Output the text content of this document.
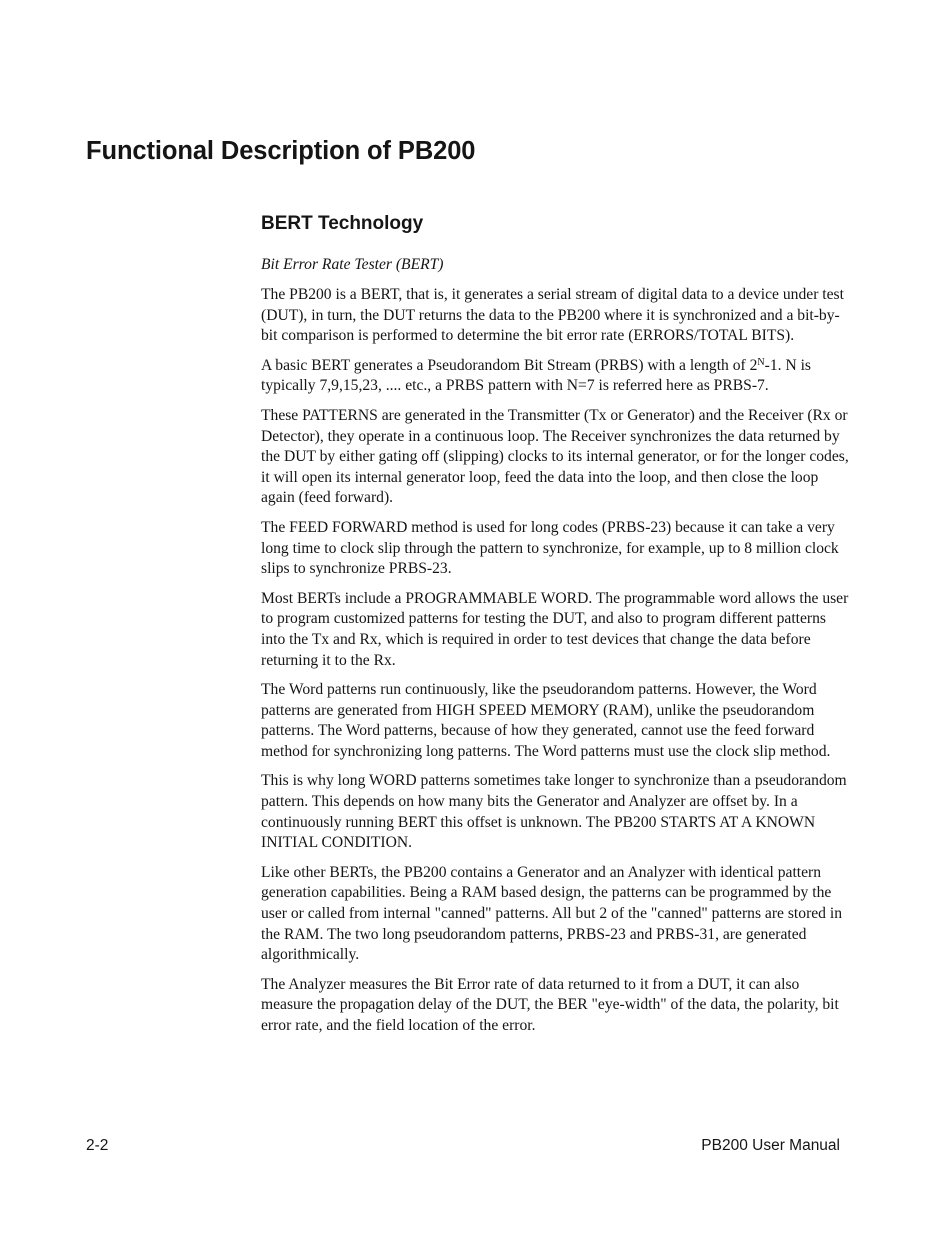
Functional Description of PB200
BERT Technology

Bit Error Rate Tester (BERT)

The PB200 is a BERT, that is, it generates a serial stream of digital data to a device under test (DUT), in turn, the DUT returns the data to the PB200 where it is synchronized and a bit-by-bit comparison is performed to determine the bit error rate (ERRORS/TOTAL BITS).

A basic BERT generates a Pseudorandom Bit Stream (PRBS) with a length of $2^N-1$. N is typically 7,9,15,23, .... etc., a PRBS pattern with N=7 is referred here as PRBS-7.

These PATTERNS are generated in the Transmitter (Tx or Generator) and the Receiver (Rx or Detector), they operate in a continuous loop. The Receiver synchronizes the data returned by the DUT by either gating off (slipping) clocks to its internal generator, or for the longer codes, it will open its internal generator loop, feed the data into the loop, and then close the loop again (feed forward).

The FEED FORWARD method is used for long codes (PRBS-23) because it can take a very long time to clock slip through the pattern to synchronize, for example, up to 8 million clock slips to synchronize PRBS-23.

Most BERTs include a PROGRAMMABLE WORD. The programmable word allows the user to program customized patterns for testing the DUT, and also to program different patterns into the Tx and Rx, which is required in order to test devices that change the data before returning it to the Rx.

The Word patterns run continuously, like the pseudorandom patterns. However, the Word patterns are generated from HIGH SPEED MEMORY (RAM), unlike the pseudorandom patterns. The Word patterns, because of how they generated, cannot use the feed forward method for synchronizing long patterns. The Word patterns must use the clock slip method.

This is why long WORD patterns sometimes take longer to synchronize than a pseudorandom pattern. This depends on how many bits the Generator and Analyzer are offset by. In a continuously running BERT this offset is unknown. The PB200 STARTS AT A KNOWN INITIAL CONDITION.

Like other BERTs, the PB200 contains a Generator and an Analyzer with identical pattern generation capabilities. Being a RAM based design, the patterns can be programmed by the user or called from internal "canned" patterns. All but 2 of the "canned" patterns are stored in the RAM. The two long pseudorandom patterns, PRBS-23 and PRBS-31, are generated algorithmically.

The Analyzer measures the Bit Error rate of data returned to it from a DUT, it can also measure the propagation delay of the DUT, the BER "eye-width" of the data, the polarity, bit error rate, and the field location of the error.

2-2	PB200 User Manual
